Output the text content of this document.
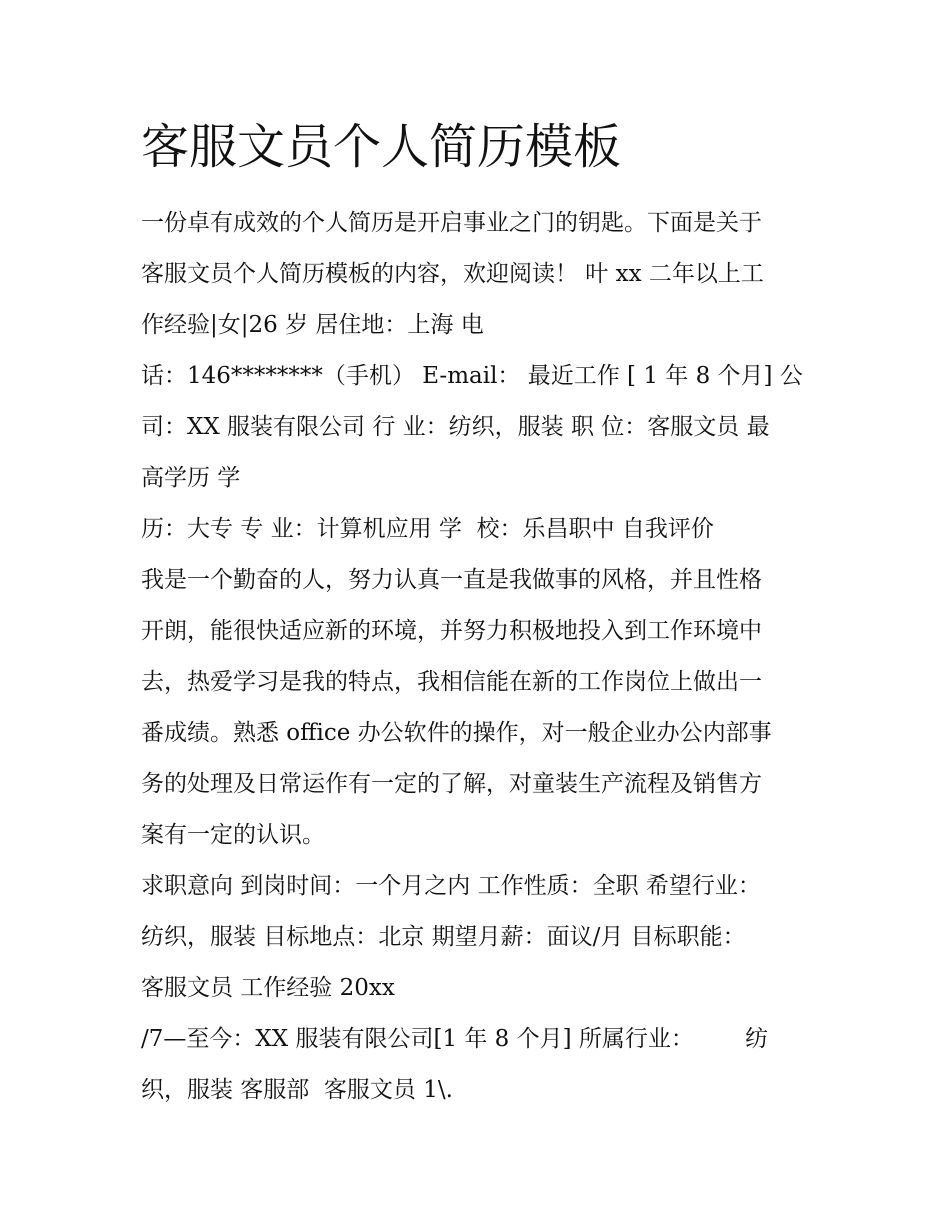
客服文员个人简历模板
一份卓有成效的个人简历是开启事业之门的钥匙。下面是关于
客服文员个人简历模板的内容，欢迎阅读！ 叶 xx 二年以上工
作经验|女|26 岁 居住地：上海 电
话：146********（手机） E-mail： 最近工作 [ 1 年 8 个月] 公
司：XX 服装有限公司 行 业：纺织，服装 职 位：客服文员 最
高学历 学
历：大专 专 业：计算机应用 学  校：乐昌职中 自我评价
我是一个勤奋的人，努力认真一直是我做事的风格，并且性格
开朗，能很快适应新的环境，并努力积极地投入到工作环境中
去，热爱学习是我的特点，我相信能在新的工作岗位上做出一
番成绩。熟悉 office 办公软件的操作，对一般企业办公内部事
务的处理及日常运作有一定的了解，对童装生产流程及销售方
案有一定的认识。
求职意向 到岗时间：一个月之内 工作性质：全职 希望行业：
纺织，服装 目标地点：北京 期望月薪：面议/月 目标职能：
客服文员 工作经验 20xx
/7—至今：XX 服装有限公司[1 年 8 个月] 所属行业：       纺
织，服装 客服部  客服文员 1\.
